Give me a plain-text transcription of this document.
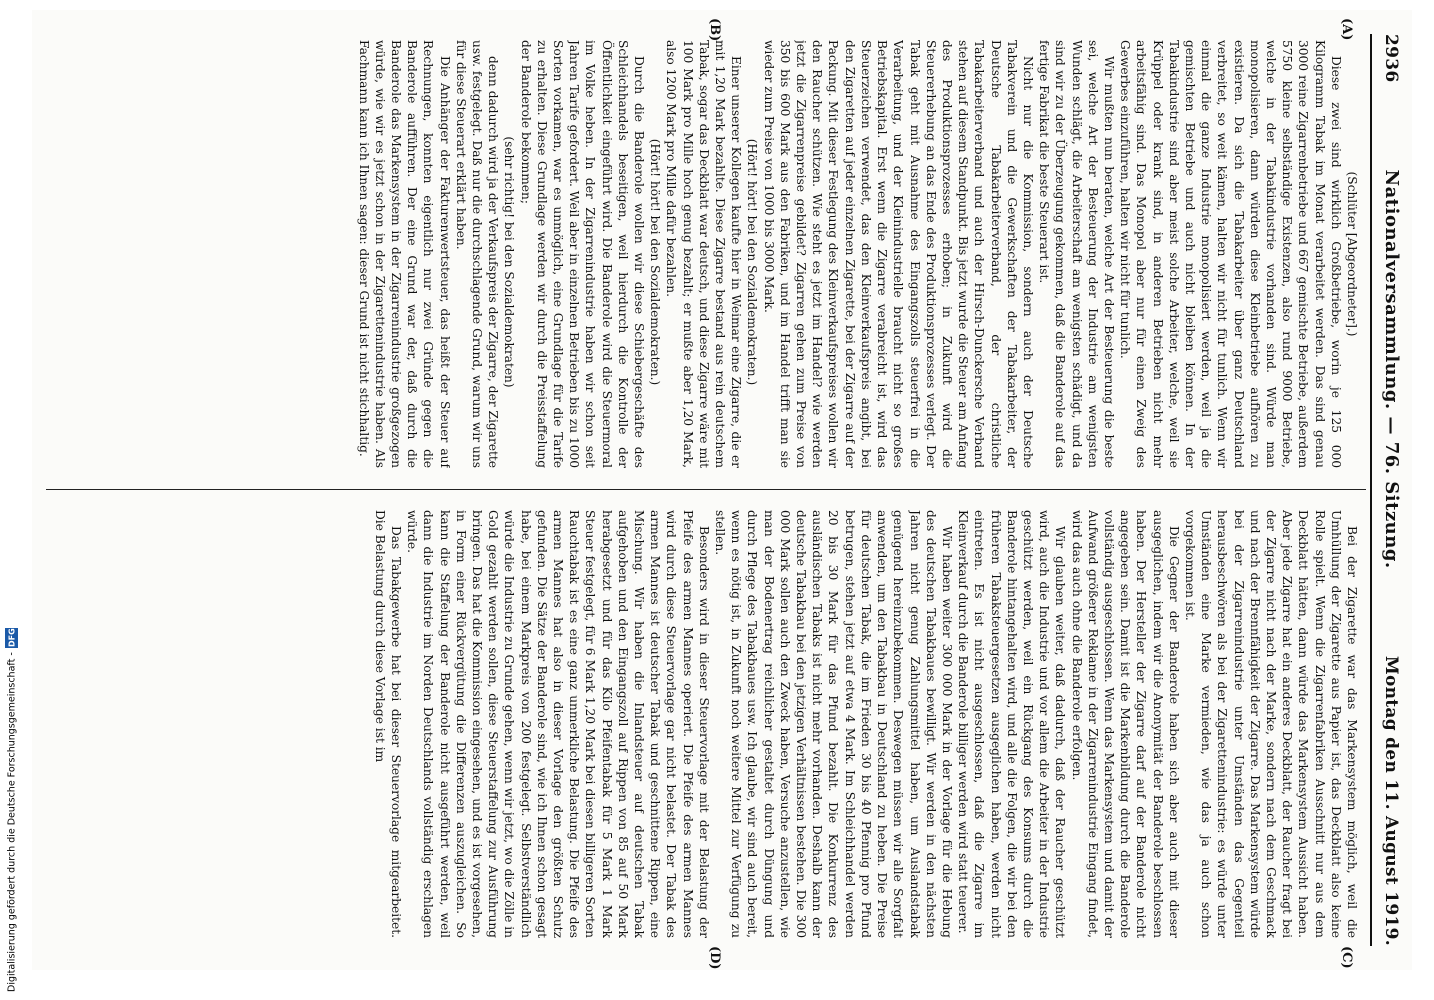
Digitalisierung gefördert durch die Deutsche Forschungsgemeinschaft -
DFG
2936
Nationalversammlung. — 76. Sitzung.
Montag den 11. August 1919.
(A)
(B)
(C)
(D)

(Schlüter [Abgeordneter].)

Diese zwei sind wirklich Großbetriebe, worin je 125 000 Kilogramm Tabak im Monat verarbeitet werden. Das sind genau 3000 reine Zigarrenbetriebe und 667 gemischte Betriebe, außerdem 5750 kleine selbständige Existenzen, also rund 9000 Betriebe, welche in der Tabakindustrie vorhanden sind. Würde man monopolisieren, dann würden diese Kleinbetriebe aufhören zu existieren. Da sich die Tabakarbeiter über ganz Deutschland verbreitet, so weit kämen, halten wir nicht für tunlich. Wenn wir einmal die ganze Industrie monopolisiert werden, weil ja die gemischten Betriebe und auch nicht bleiben können. In der Tabakindustrie sind aber meist solche Arbeiter, welche, weil sie Krüppel oder krank sind, in anderen Betrieben nicht mehr arbeitsfähig sind. Das Monopol aber nur für einen Zweig des Gewerbes einzuführen, halten wir nicht für tunlich.

Wir mußten nun beraten, welche Art der Besteuerung die beste sei, welche Art der Besteuerung der Industrie am wenigsten Wunden schlägt, die Arbeiterschaft am wenigsten schädigt, und da sind wir zu der Überzeugung gekommen, daß die Banderole auf das fertige Fabrikat die beste Steuerart ist.

Nicht nur die Kommission, sondern auch der Deutsche Tabakverein und die Gewerkschaften der Tabakarbeiter, der Deutsche Tabakarbeiterverband, der christliche Tabakarbeiterverband und auch der Hirsch-Dunckersche Verband stehen auf diesem Standpunkt. Bis jetzt wurde die Steuer am Anfang des Produktionsprozesses erhoben; in Zukunft wird die Steuererhebung an das Ende des Produktionsprozesses verlegt. Der Tabak geht mit Ausnahme des Eingangszolls steuerfrei in die Verarbeitung, und der Kleinindustrielle braucht nicht so großes Betriebskapital. Erst wenn die Zigarre verabreicht ist, wird das Steuerzeichen verwendet, das den Kleinverkaufspreis angibt, bei den Zigaretten auf jeder einzelnen Zigarette, bei der Zigarre auf der Packung. Mit dieser Festlegung des Kleinverkaufspreises wollen wir den Raucher schützen. Wie steht es jetzt im Handel? wie werden jetzt die Zigarrenpreise gebildet? Zigarren gehen zum Preise von 350 bis 600 Mark aus den Fabriken, und im Handel trifft man sie wieder zum Preise von 1000 bis 3000 Mark.

(Hört! hört! bei den Sozialdemokraten.)

Einer unserer Kollegen kaufte hier in Weimar eine Zigarre, die er mit 1,20 Mark bezahlte. Diese Zigarre bestand aus rein deutschem Tabak, sogar das Deckblatt war deutsch, und diese Zigarre wäre mit 100 Mark pro Mille hoch genug bezahlt; er mußte aber 1,20 Mark, also 1200 Mark pro Mille dafür bezahlen.

(Hört! hört! bei den Sozialdemokraten.)

Durch die Banderole wollen wir diese Schiebergeschäfte des Schleichhandels beseitigen, weil hierdurch die Kontrolle der Öffentlichkeit eingeführt wird. Die Banderole wird die Steuermoral im Volke heben. In der Zigarrenindustrie haben wir schon seit Jahren Tarife gefordert. Weil aber in einzelnen Betrieben bis zu 1000 Sorten vorkamen, war es unmöglich, eine Grundlage für die Tarife zu erhalten. Diese Grundlage werden wir durch die Preisstaffelung der Banderole bekommen;

(sehr richtig! bei den Sozialdemokraten)

denn dadurch wird ja der Verkaufspreis der Zigarre, der Zigarette usw. festgelegt. Daß nur die durchschlagende Grund, warum wir uns für diese Steuerart erklärt haben.

Die Anhänger der Fakturenwertsteuer, das heißt der Steuer auf Rechnungen, konnten eigentlich nur zwei Gründe gegen die Banderole aufführen. Der eine Grund war der, daß durch die Banderole das Markensystem in der Zigarrenindustrie großgezogen würde, wie wir es jetzt schon in der Zigarettenindustrie haben. Als Fachmann kann ich Ihnen sagen: dieser Grund ist nicht stichhaltig.

Bei der Zigarette war das Markensystem möglich, weil die Umhüllung der Zigarette aus Papier ist, das Deckblatt also keine Rolle spielt. Wenn die Zigarrenfabriken Ausschnitt nur aus dem Deckblatt hätten, dann würde das Markensystem Aussicht haben. Aber jede Zigarre hat ein anderes Deckblatt, der Raucher fragt bei der Zigarre nicht nach der Marke, sondern nach dem Geschmack und nach der Brennfähigkeit der Zigarre. Das Markensystem würde bei der Zigarrenindustrie unter Umständen das Gegenteil herausbeschwören als bei der Zigarettenindustrie: es würde unter Umständen eine Marke vermieden, wie das ja auch schon vorgekommen ist.

Die Gegner der Banderole haben sich aber auch mit dieser ausgeglichen, indem wir die Anonymität der Banderole beschlossen haben. Der Hersteller der Zigarre darf auf der Banderole nicht angegeben sein. Damit ist die Markenbildung durch die Banderole vollständig ausgeschlossen. Wenn das Markensystem und damit der Aufwand größerer Reklame in der Zigarrenindustrie Eingang findet, wird das auch ohne die Banderole erfolgen.

Wir glauben weiter, daß dadurch, daß der Raucher geschützt wird, auch die Industrie und vor allem die Arbeiter in der Industrie geschützt werden, weil ein Rückgang des Konsums durch die Banderole hintangehalten wird, und alle die Folgen, die wir bei den früheren Tabaksteuergesetzen ausgeglichen haben, werden nicht eintreten. Es ist nicht ausgeschlossen, daß die Zigarre im Kleinverkauf durch die Banderole billiger werden wird statt teuerer.

Wir haben weiter 300 000 Mark in der Vorlage für die Hebung des deutschen Tabakbaues bewilligt. Wir werden in den nächsten Jahren nicht genug Zahlungsmittel haben, um Auslandstabak genügend hereinzubekommen. Deswegen müssen wir alle Sorgfalt anwenden, um den Tabakbau in Deutschland zu heben. Die Preise für deutschen Tabak, die im Frieden 30 bis 40 Pfennig pro Pfund betrugen, stehen jetzt auf etwa 4 Mark. Im Schleichhandel werden 20 bis 30 Mark für das Pfund bezahlt. Die Konkurrenz des ausländischen Tabaks ist nicht mehr vorhanden. Deshalb kann der deutsche Tabakbau bei den jetzigen Verhältnissen bestehen. Die 300 000 Mark sollen auch den Zweck haben, Versuche anzustellen, wie man der Bodenertrag reichlicher gestaltet durch Düngung und durch Pflege des Tabakbaues usw. Ich glaube, wir sind auch bereit, wenn es nötig ist, in Zukunft noch weitere Mittel zur Verfügung zu stellen.

Besonders wird in dieser Steuervorlage mit der Belastung der Pfeife des armen Mannes operiert. Die Pfeife des armen Mannes wird durch diese Steuervorlage gar nicht belastet. Der Tabak des armen Mannes ist deutscher Tabak und geschnittene Rippen, eine Mischung. Wir haben die Inlandsteuer auf deutschen Tabak aufgehoben und den Eingangszoll auf Rippen von 85 auf 50 Mark herabgesetzt und für das Kilo Pfeifentabak für 5 Mark 1 Mark Steuer festgelegt, für 6 Mark 1,20 Mark bei diesen billigeren Sorten Rauchtabak ist es eine ganz unmerkliche Belastung. Die Pfeife des armen Mannes hat also in dieser Vorlage den größten Schutz gefunden. Die Sätze der Banderole sind, wie ich Ihnen schon gesagt habe, bei einem Markpreis von 200 festgelegt. Selbstverständlich würde die Industrie zu Grunde gehen, wenn wir jetzt, wo die Zölle in Gold gezahlt werden sollen, diese Steuerstaffelung zur Ausführung bringen. Das hat die Kommission eingesehen, und es ist vorgesehen, in Form einer Rückvergütung die Differenzen auszugleichen. So kann die Staffelung der Banderole nicht ausgeführt werden, weil dann die Industrie im Norden Deutschlands vollständig erschlagen würde.

Das Tabakgewerbe hat bei dieser Steuervorlage mitgearbeitet. Die Belastung durch diese Vorlage ist im
